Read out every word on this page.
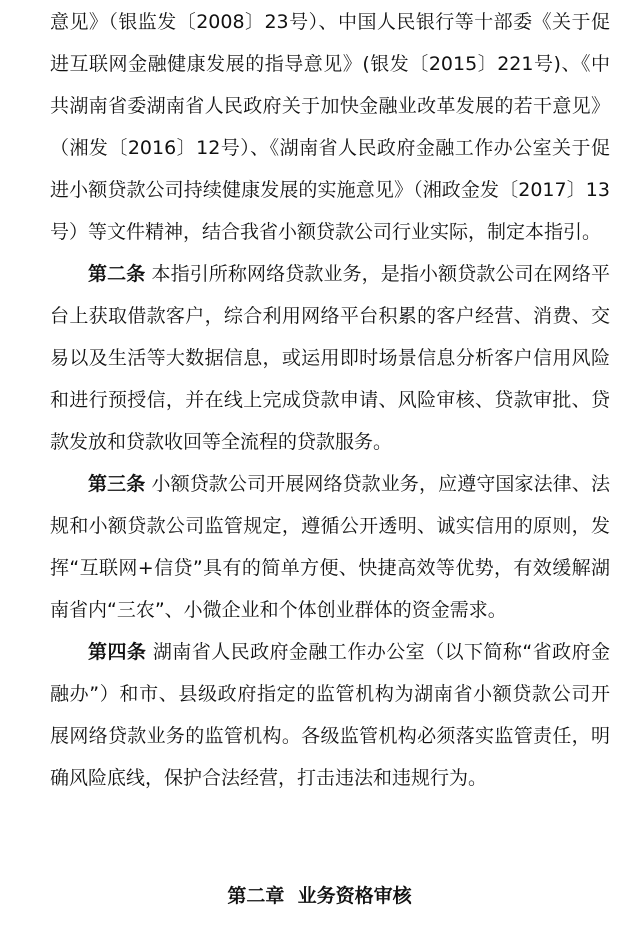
意见》（银监发〔2008〕23号）、中国人民银行等十部委《关于促进互联网金融健康发展的指导意见》(银发〔2015〕221号)、《中共湖南省委湖南省人民政府关于加快金融业改革发展的若干意见》（湘发〔2016〕12号）、《湖南省人民政府金融工作办公室关于促进小额贷款公司持续健康发展的实施意见》（湘政金发〔2017〕13号）等文件精神，结合我省小额贷款公司行业实际，制定本指引。

第二条 本指引所称网络贷款业务，是指小额贷款公司在网络平台上获取借款客户，综合利用网络平台积累的客户经营、消费、交易以及生活等大数据信息，或运用即时场景信息分析客户信用风险和进行预授信，并在线上完成贷款申请、风险审核、贷款审批、贷款发放和贷款收回等全流程的贷款服务。

第三条 小额贷款公司开展网络贷款业务，应遵守国家法律、法规和小额贷款公司监管规定，遵循公开透明、诚实信用的原则，发挥“互联网+信贷”具有的简单方便、快捷高效等优势，有效缓解湖南省内“三农”、小微企业和个体创业群体的资金需求。

第四条 湖南省人民政府金融工作办公室（以下简称“省政府金融办”）和市、县级政府指定的监管机构为湖南省小额贷款公司开展网络贷款业务的监管机构。各级监管机构必须落实监管责任，明确风险底线，保护合法经营，打击违法和违规行为。

第二章  业务资格审核
